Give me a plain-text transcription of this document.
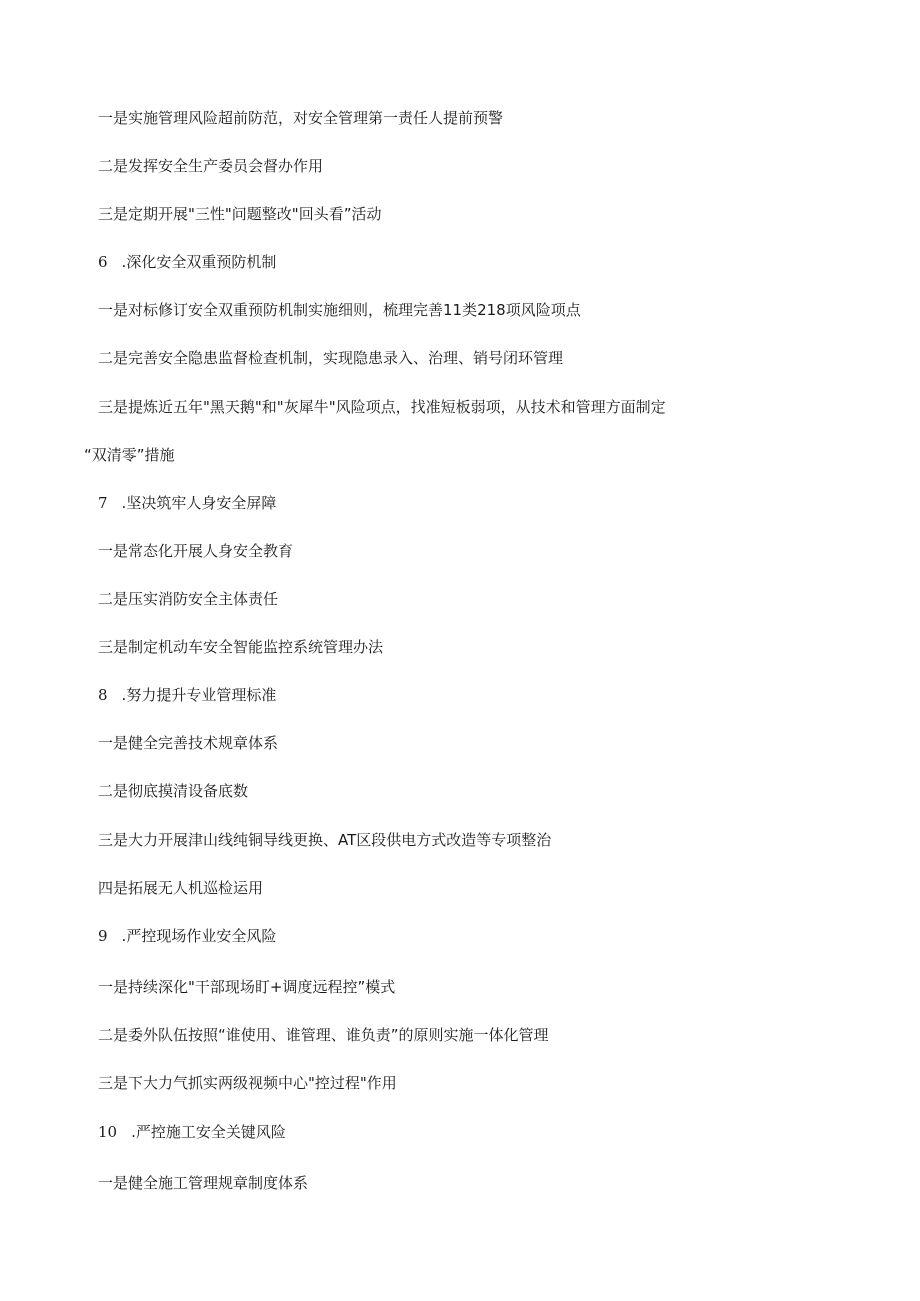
一是实施管理风险超前防范，对安全管理第一责任人提前预警
二是发挥安全生产委员会督办作用
三是定期开展"三性"问题整改"回头看”活动
6 .深化安全双重预防机制
一是对标修订安全双重预防机制实施细则，梳理完善11类218项风险项点
二是完善安全隐患监督检查机制，实现隐患录入、治理、销号闭环管理
三是提炼近五年"黑天鹅"和"灰犀牛"风险项点，找准短板弱项，从技术和管理方面制定
“双清零”措施
7 .坚决筑牢人身安全屏障
一是常态化开展人身安全教育
二是压实消防安全主体责任
三是制定机动车安全智能监控系统管理办法
8 .努力提升专业管理标准
一是健全完善技术规章体系
二是彻底摸清设备底数
三是大力开展津山线纯铜导线更换、AT区段供电方式改造等专项整治
四是拓展无人机巡检运用
9 .严控现场作业安全风险
一是持续深化"干部现场盯+调度远程控”模式
二是委外队伍按照“谁使用、谁管理、谁负责”的原则实施一体化管理
三是下大力气抓实两级视频中心"控过程"作用
10 .严控施工安全关键风险
一是健全施工管理规章制度体系
